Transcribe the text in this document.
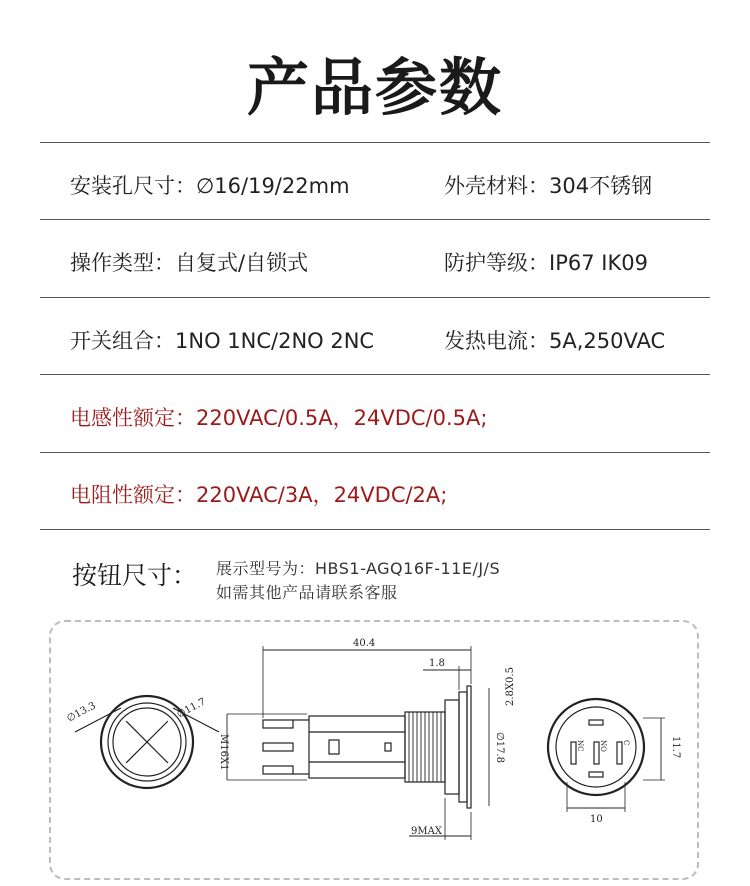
产品参数
安装孔尺寸：∅16/19/22mm	外壳材料：304不锈钢
操作类型：自复式/自锁式	防护等级：IP67 IK09
开关组合：1NO 1NC/2NO 2NC	发热电流：5A,250VAC
电感性额定：220VAC/0.5A，24VDC/0.5A;
电阻性额定：220VAC/3A，24VDC/2A;
按钮尺寸： 展示型号为：HBS1-AGQ16F-11E/J/S
如需其他产品请联系客服
∅13.3	∅11.7
40.4
1.8
M16X1	∅17.8
2.8X0.5
9MAX
11.7
10
NC NO C
